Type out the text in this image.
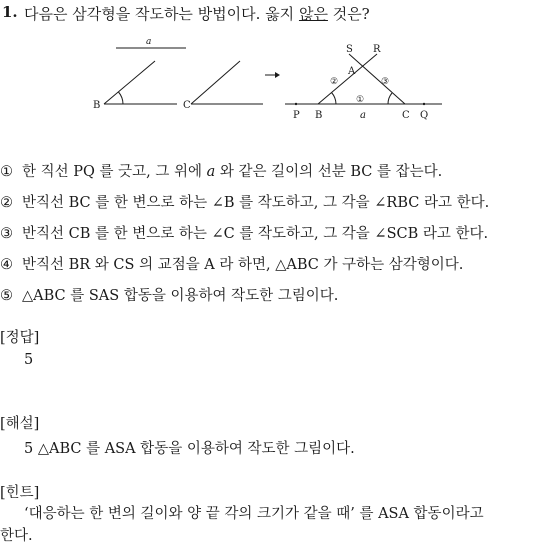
1. 다음은 삼각형을 작도하는 방법이다. 옳지 않은 것은?
a
B	C
S R
A
②	③
①
P B	a	C Q
① 한 직선 PQ 를 긋고, 그 위에 𝑎 와 같은 길이의 선분 BC 를 잡는다.
② 반직선 BC 를 한 변으로 하는 ∠B 를 작도하고, 그 각을 ∠RBC 라고 한다.
③ 반직선 CB 를 한 변으로 하는 ∠C 를 작도하고, 그 각을 ∠SCB 라고 한다.
④ 반직선 BR 와 CS 의 교점을 A 라 하면, △ABC 가 구하는 삼각형이다.
⑤ △ABC 를 SAS 합동을 이용하여 작도한 그림이다.
[정답]
5
[해설]
5 △ABC 를 ASA 합동을 이용하여 작도한 그림이다.
[힌트]
‘대응하는 한 변의 길이와 양 끝 각의 크기가 같을 때’ 를 ASA 합동이라고
한다.
